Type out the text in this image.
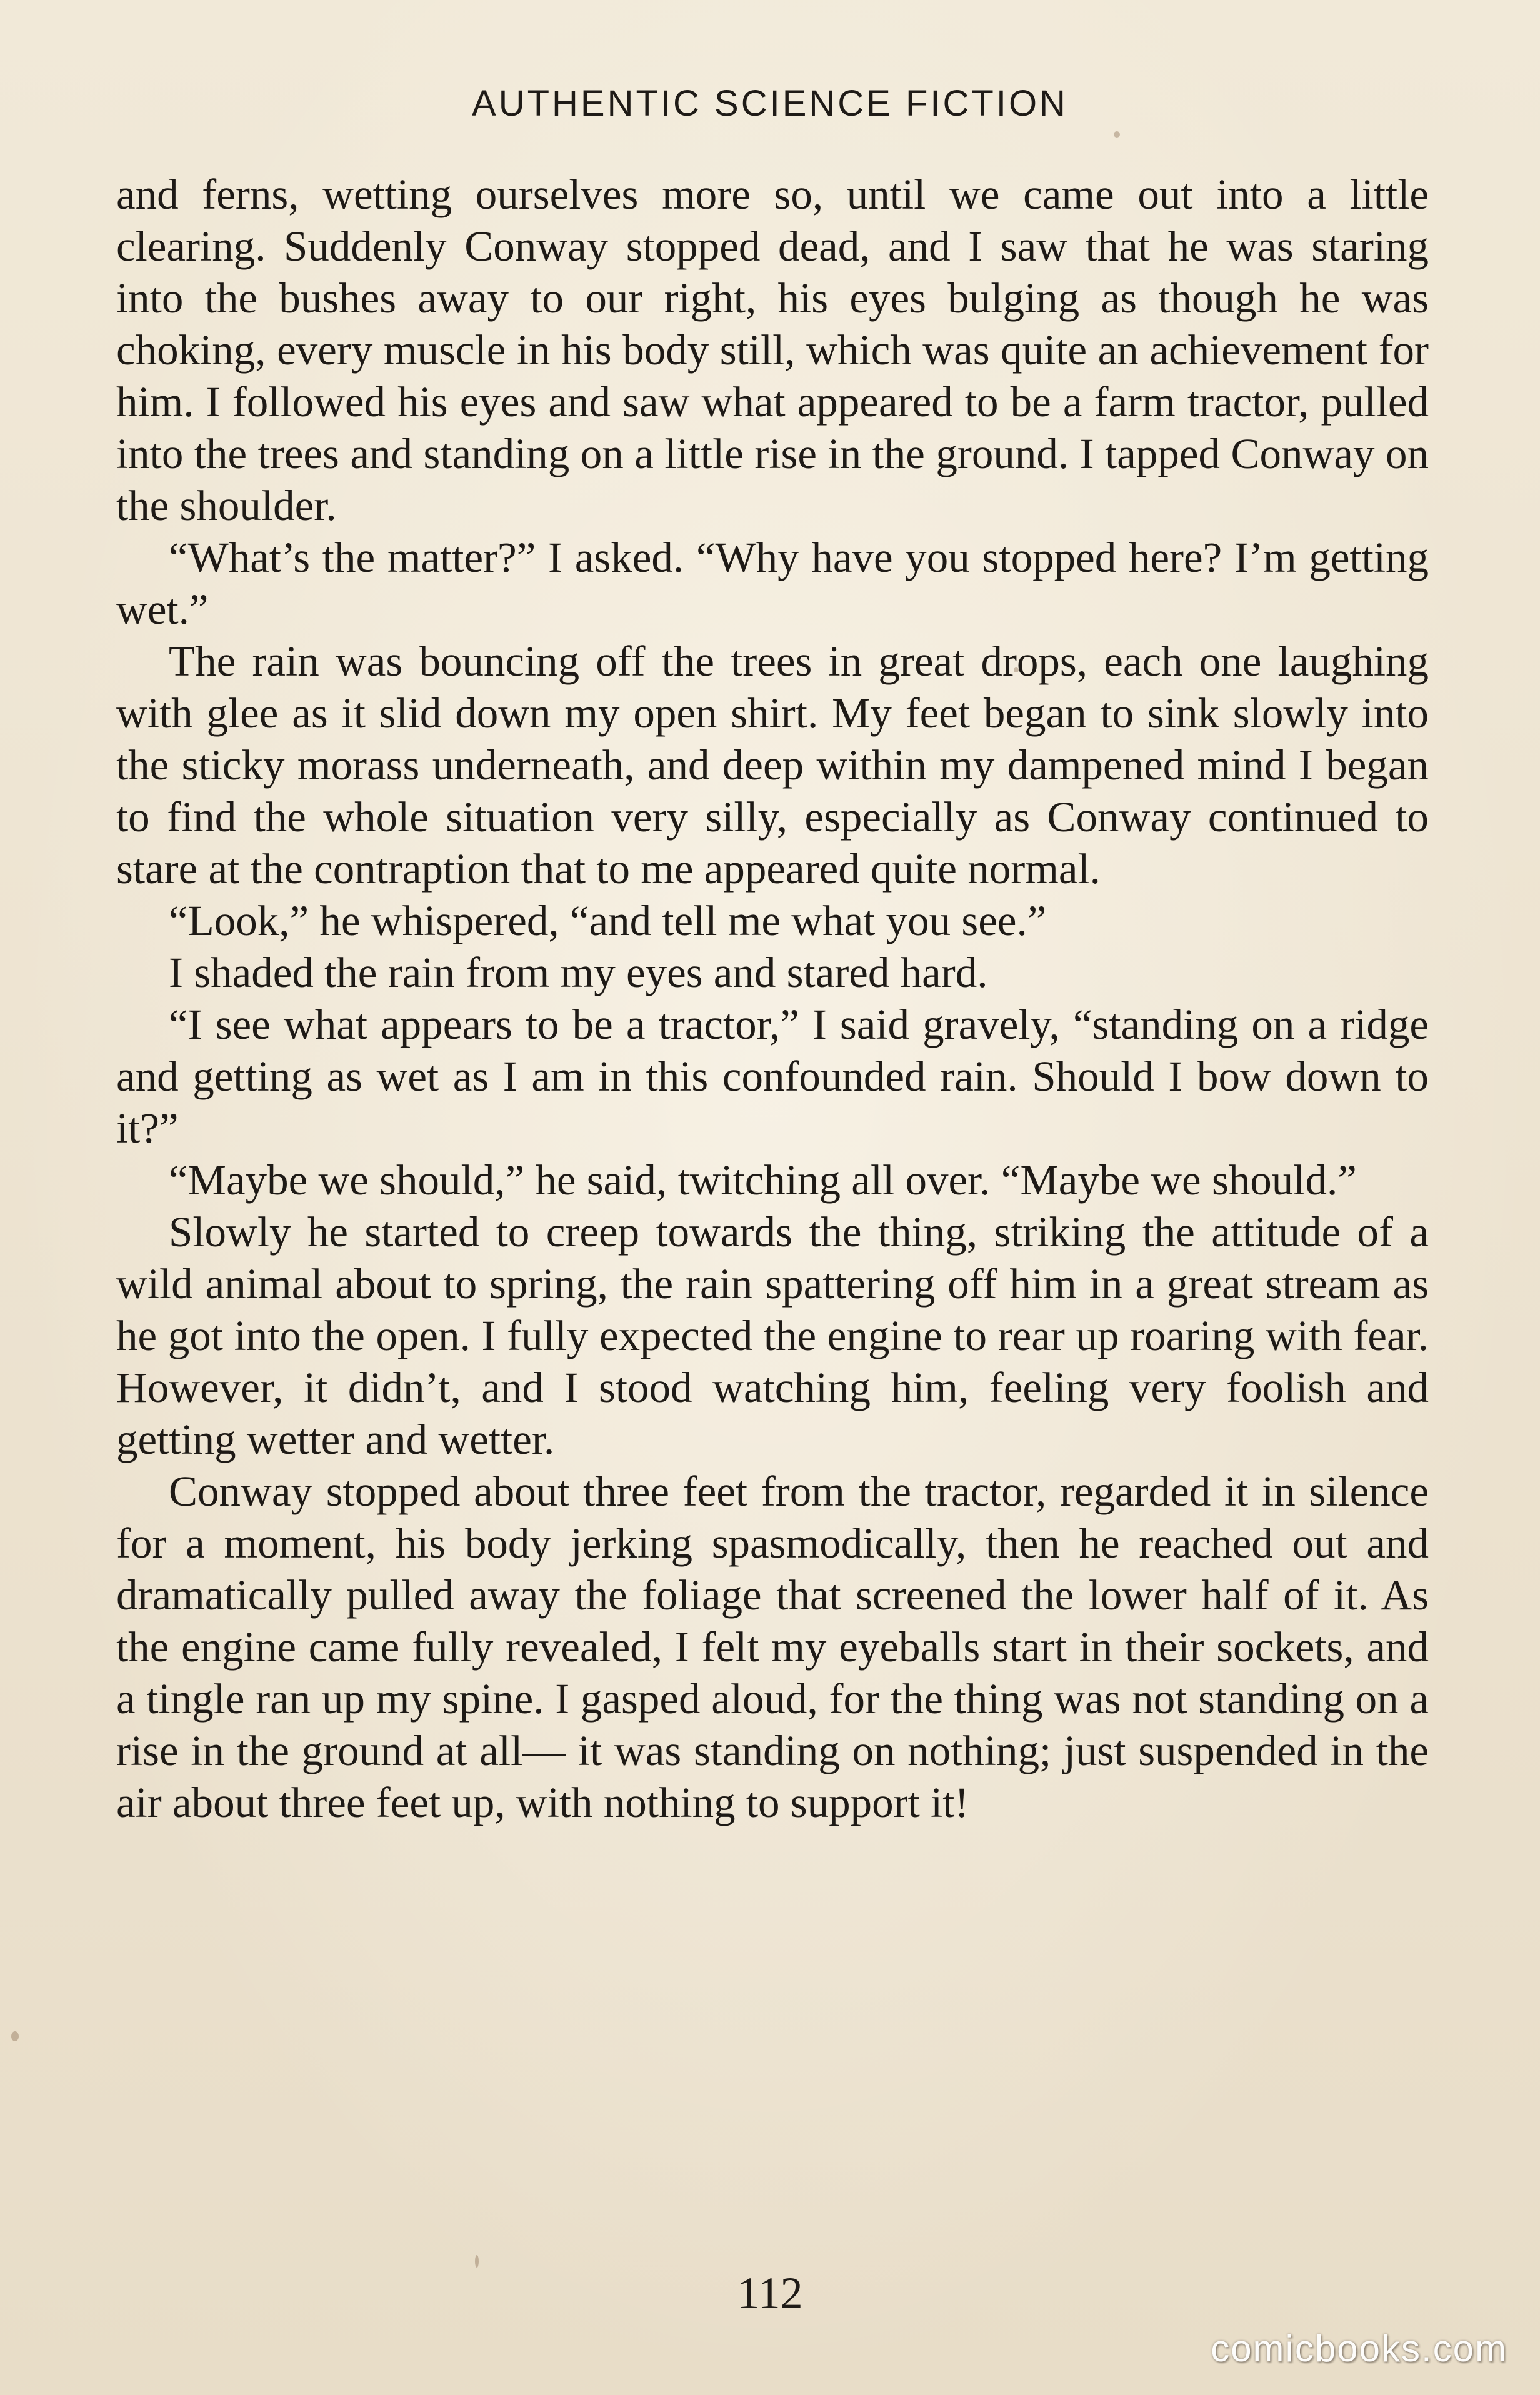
AUTHENTIC SCIENCE FICTION

and ferns, wetting ourselves more so, until we came out into a little clearing. Suddenly Conway stopped dead, and I saw that he was staring into the bushes away to our right, his eyes bulging as though he was choking, every muscle in his body still, which was quite an achievement for him. I followed his eyes and saw what appeared to be a farm tractor, pulled into the trees and standing on a little rise in the ground. I tapped Conway on the shoulder.

“What’s the matter?” I asked. “Why have you stopped here? I’m getting wet.”

The rain was bouncing off the trees in great drops, each one laughing with glee as it slid down my open shirt. My feet began to sink slowly into the sticky morass underneath, and deep within my dampened mind I began to find the whole situation very silly, especially as Conway continued to stare at the contraption that to me appeared quite normal.

“Look,” he whispered, “and tell me what you see.”

I shaded the rain from my eyes and stared hard.

“I see what appears to be a tractor,” I said gravely, “standing on a ridge and getting as wet as I am in this confounded rain. Should I bow down to it?”

“Maybe we should,” he said, twitching all over. “Maybe we should.”

Slowly he started to creep towards the thing, striking the attitude of a wild animal about to spring, the rain spattering off him in a great stream as he got into the open. I fully expected the engine to rear up roaring with fear. However, it didn’t, and I stood watching him, feeling very foolish and getting wetter and wetter.

Conway stopped about three feet from the tractor, regarded it in silence for a moment, his body jerking spasmodically, then he reached out and dramatically pulled away the foliage that screened the lower half of it. As the engine came fully revealed, I felt my eyeballs start in their sockets, and a tingle ran up my spine. I gasped aloud, for the thing was not standing on a rise in the ground at all— it was standing on nothing; just suspended in the air about three feet up, with nothing to support it!

112
comicbooks.com
